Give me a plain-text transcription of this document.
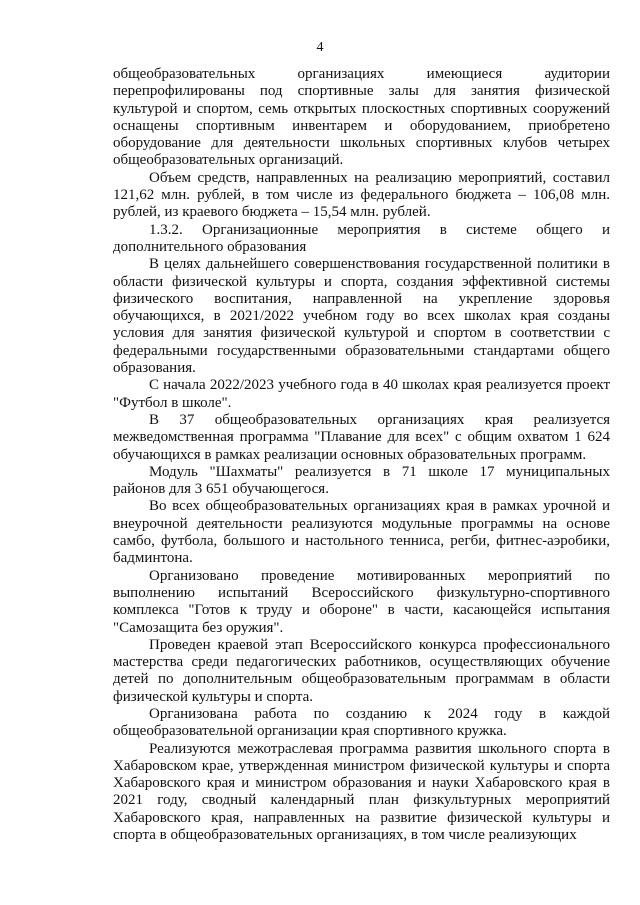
4

общеобразовательных организациях имеющиеся аудитории перепрофилированы под спортивные залы для занятия физической культурой и спортом, семь открытых плоскостных спортивных сооружений оснащены спортивным инвентарем и оборудованием, приобретено оборудование для деятельности школьных спортивных клубов четырех общеобразовательных организаций.

Объем средств, направленных на реализацию мероприятий, составил 121,62 млн. рублей, в том числе из федерального бюджета – 106,08 млн. рублей, из краевого бюджета – 15,54 млн. рублей.

1.3.2. Организационные мероприятия в системе общего и дополнительного образования

В целях дальнейшего совершенствования государственной политики в области физической культуры и спорта, создания эффективной системы физического воспитания, направленной на укрепление здоровья обучающихся, в 2021/2022 учебном году во всех школах края созданы условия для занятия физической культурой и спортом в соответствии с федеральными государственными образовательными стандартами общего образования.

С начала 2022/2023 учебного года в 40 школах края реализуется проект "Футбол в школе".

В 37 общеобразовательных организациях края реализуется межведомственная программа "Плавание для всех" с общим охватом 1 624 обучающихся в рамках реализации основных образовательных программ.

Модуль "Шахматы" реализуется в 71 школе 17 муниципальных районов для 3 651 обучающегося.

Во всех общеобразовательных организациях края в рамках урочной и внеурочной деятельности реализуются модульные программы на основе самбо, футбола, большого и настольного тенниса, регби, фитнес-аэробики, бадминтона.

Организовано проведение мотивированных мероприятий по выполнению испытаний Всероссийского физкультурно-спортивного комплекса "Готов к труду и обороне" в части, касающейся испытания "Самозащита без оружия".

Проведен краевой этап Всероссийского конкурса профессионального мастерства среди педагогических работников, осуществляющих обучение детей по дополнительным общеобразовательным программам в области физической культуры и спорта.

Организована работа по созданию к 2024 году в каждой общеобразовательной организации края спортивного кружка.

Реализуются межотраслевая программа развития школьного спорта в Хабаровском крае, утвержденная министром физической культуры и спорта Хабаровского края и министром образования и науки Хабаровского края в 2021 году, сводный календарный план физкультурных мероприятий Хабаровского края, направленных на развитие физической культуры и спорта в общеобразовательных организациях, в том числе реализующих
